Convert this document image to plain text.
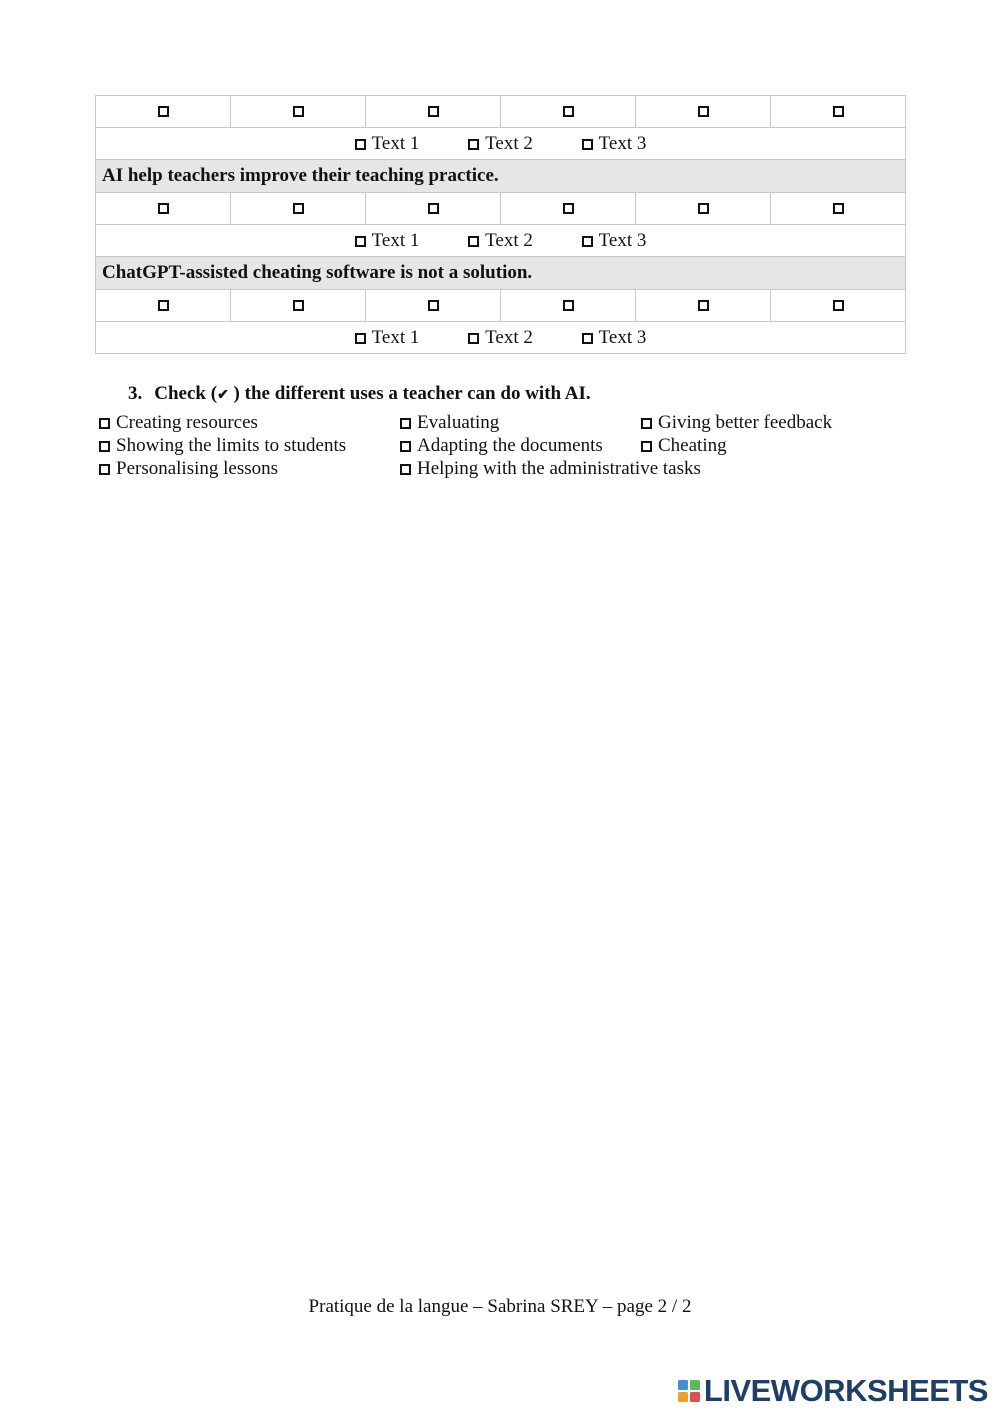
Text 1 Text 2 Text 3					
AI help teachers improve their teaching practice.					

Text 1 Text 2 Text 3					
ChatGPT-assisted cheating software is not a solution.					

Text 1 Text 2 Text 3					
3. Check (✔ ) the different uses a teacher can do with AI.
Creating resources	Evaluating	Giving better feedback
Showing the limits to students	Adapting the documents	Cheating
Personalising lessons	Helping with the administrative tasks
Pratique de la langue – Sabrina SREY – page 2 / 2
LIVEWORKSHEETS
